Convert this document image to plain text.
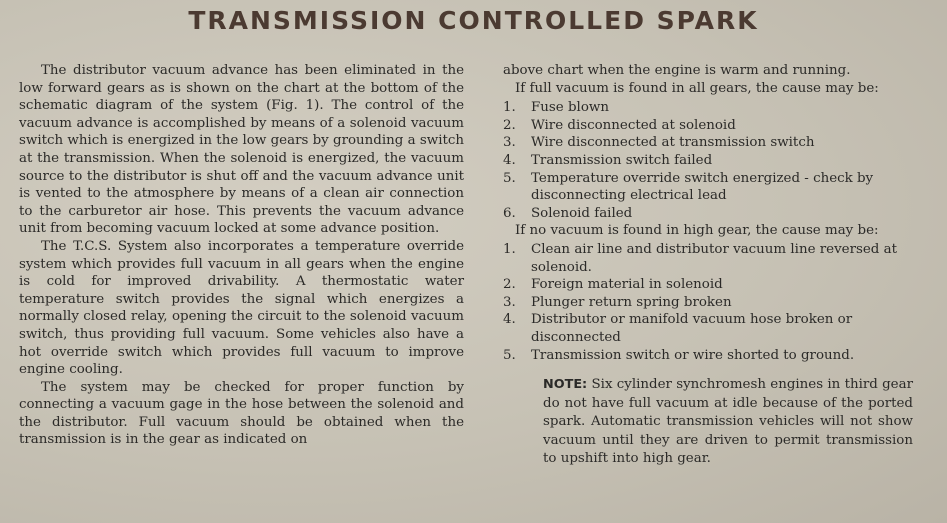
TRANSMISSION CONTROLLED SPARK

The distributor vacuum advance has been eliminated in the low forward gears as is shown on the chart at the bottom of the schematic diagram of the system (Fig. 1). The control of the vacuum advance is accomplished by means of a solenoid vacuum switch which is energized in the low gears by grounding a switch at the transmission. When the solenoid is energized, the vacuum source to the distributor is shut off and the vacuum advance unit is vented to the atmosphere by means of a clean air connection to the carburetor air hose. This prevents the vacuum advance unit from becoming vacuum locked at some advance position.

The T.C.S. System also incorporates a temperature override system which provides full vacuum in all gears when the engine is cold for improved drivability. A thermostatic water temperature switch provides the signal which energizes a normally closed relay, opening the circuit to the solenoid vacuum switch, thus providing full vacuum. Some vehicles also have a hot override switch which provides full vacuum to improve engine cooling.

The system may be checked for proper function by connecting a vacuum gage in the hose between the solenoid and the distributor. Full vacuum should be obtained when the transmission is in the gear as indicated on

above chart when the engine is warm and running.
If full vacuum is found in all gears, the cause may be:
1.	Fuse blown
2.	Wire disconnected at solenoid
3.	Wire disconnected at transmission switch
4.	Transmission switch failed
5.	Temperature override switch energized - check by disconnecting electrical lead
6.	Solenoid failed
If no vacuum is found in high gear, the cause may be:
1.	Clean air line and distributor vacuum line reversed at solenoid.
2.	Foreign material in solenoid
3.	Plunger return spring broken
4.	Distributor or manifold vacuum hose broken or disconnected
5.	Transmission switch or wire shorted to ground.
NOTE: Six cylinder synchromesh engines in third gear do not have full vacuum at idle because of the ported spark. Automatic transmission vehicles will not show vacuum until they are driven to permit transmission to upshift into high gear.
